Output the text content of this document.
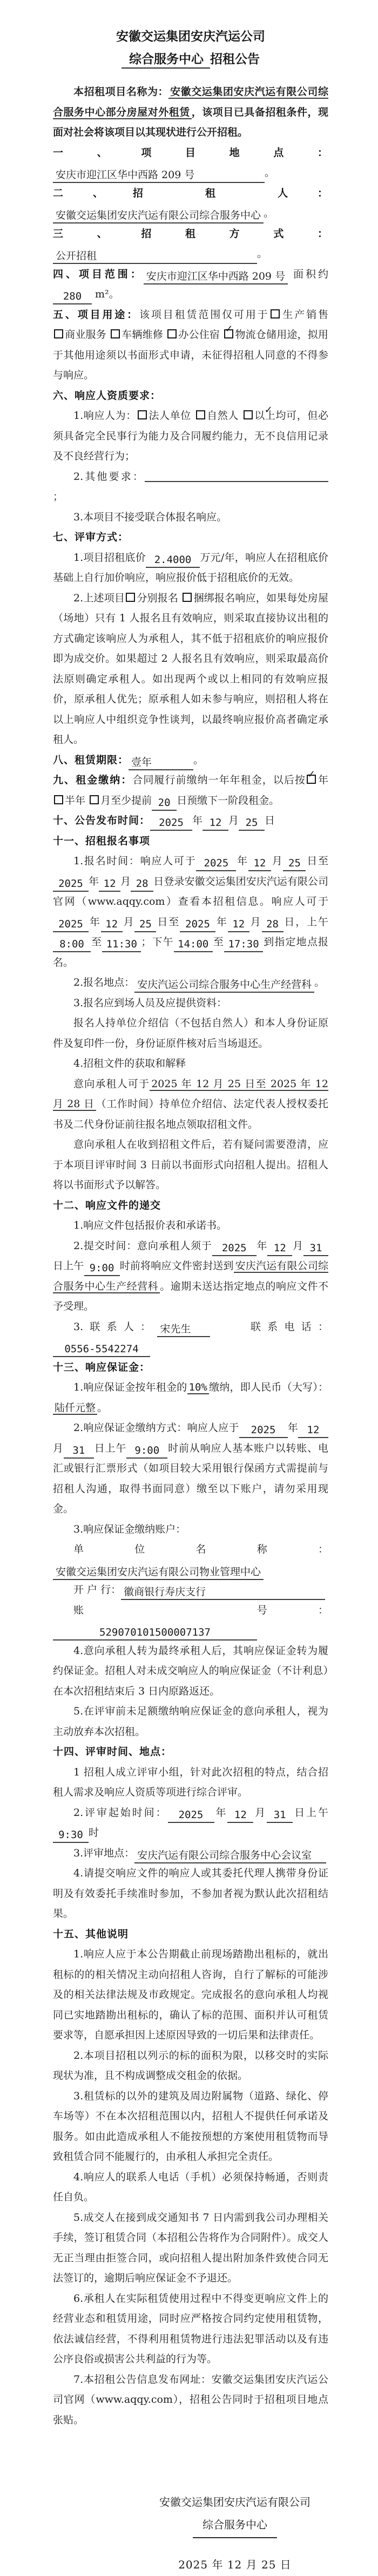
安徽交运集团安庆汽运公司

综合服务中心 招租公告

本招租项目名称为： 安徽交运集团安庆汽运有限公司综合服务中心部分房屋对外租赁 ，该项目已具备招租条件，现面对社会将该项目以其现状进行公开招租。

一、项目地点：安庆市迎江区华中西路 209 号	。

二、招 租 人：安徽交运集团安庆汽运有限公司综合服务中心 。

三、招租方式：公开招租	。

四、项目范围： 安庆市迎江区华中西路 209 号 面积约280 m²。

五、项目用途：该项目租赁范围仅可用于 生产销售 商业服务 车辆维修 办公住宿 ✓ 物流仓储用途，拟用于其他用途须以书面形式申请，未征得招租人同意的不得参与响应。

六、响应人资质要求：

1.响应人为： 法人单位 自然人 ✓ 以上均可，但必须具备完全民事行为能力及合同履约能力，无不良信用记录及不良经营行为；

2.其他要求：；

3.本项目不接受联合体报名响应。

七、评审方式：

1.项目招租底价 2.4000 万元/年，响应人在招租底价基础上自行加价响应，响应报价低于招租底价的无效。

2.上述项目 分别报名 捆绑报名响应，如果每处房屋（场地）只有 1 人报名且有效响应，则采取直接协议出租的方式确定该响应人为承租人，其不低于招租底价的响应报价即为成交价。如果超过 2 人报名且有效响应，则采取最高价法原则确定承租人。如出现两个或以上相同的有效响应报价，原承租人优先；原承租人如未参与响应，则招租人将在以上响应人中组织竞争性谈判，以最终响应报价高者确定承租人。

八、租赁期限： 壹年	。

九、租金缴纳：合同履行前缴纳一年年租金，以后按 ✓ 年 半年 月至少提前 20 日预缴下一阶段租金。

十、公告发布时间： 2025 年 12 月 25 日

十一、招租报名事项

1.报名时间：响应人可于 2025 年 12 月 25 日至2025 年 12 月 28 日登录安徽交运集团安庆汽运有限公司官网（www.aqqy.com）查看本招租信息。响应人可于2025 年 12 月 25 日至 2025 年 12 月 28 日，上午8:00 至 11:30 ；下午 14:00 至 17:30 到指定地点报名。

2.报名地点： 安庆汽运公司综合服务中心生产经营科 。

3.报名应到场人员及应提供资料：

报名人持单位介绍信（不包括自然人）和本人身份证原件及复印件一份，身份证原件核对后当场退还。

4.招租文件的获取和解释

意向承租人可于 2025 年 12 月 25 日至 2025 年 12 月 28 日 （工作时间）持单位介绍信、法定代表人授权委托书及二代身份证前往报名地点领取招租文件。

意向承租人在收到招租文件后，若有疑问需要澄清，应于本项目评审时间 3 日前以书面形式向招租人提出。招租人将以书面形式予以解答。

十二、响应文件的递交

1.响应文件包括报价表和承诺书。

2.提交时间：意向承租人须于 2025 年 12 月 31日上午 9:00 时前将响应文件密封送到 安庆汽运有限公司综合服务中心生产经营科 。逾期未送达指定地点的响应文件不予受理。

3.联系人： 宋先生　　联系电话：0556-5542274

十三、响应保证金：

1.响应保证金按年租金的 10% 缴纳，即人民币（大写）：陆仟元整 。

2.响应保证金缴纳方式：响应人应于 2025 年 12月 31 日上午 9:00 时前从响应人基本账户以转账、电汇或银行汇票形式（如项目较大采用银行保函方式需提前与招租人沟通，取得书面同意）缴至以下账户，请勿采用现金。

3.响应保证金缴纳账户：

单位名称：安徽交运集团安庆汽运有限公司物业管理中心

开 户 行： 徽商银行寿庆支行

账　　号：529070101500007137

4.意向承租人转为最终承租人后，其响应保证金转为履约保证金。招租人对未成交响应人的响应保证金（不计利息）在本次招租结束后 3 日内原路返还。

5.在评审前未足额缴纳响应保证金的意向承租人，视为主动放弃本次招租。

十四、评审时间、地点：

1 招租人成立评审小组，针对此次招租的特点，结合招租人需求及响应人资质等项进行综合评审。

2.评审起始时间： 2025 年 12 月 31 日上午9:30 时

3.评审地点： 安庆汽运有限公司综合服务中心会议室

4.请提交响应文件的响应人或其委托代理人携带身份证明及有效委托手续准时参加，不参加者视为默认此次招租结果。

十五、其他说明

1.响应人应于本公告期截止前现场踏勘出租标的，就出租标的的相关情况主动向招租人咨询，自行了解标的可能涉及的相关法律法规及市政规定。完成报名的意向承租人均视同已实地踏勘出租标的，确认了标的范围、面积并认可租赁要求等，自愿承担因上述原因导致的一切后果和法律责任。

2.本项目招租以列示的标的面积为限，以移交时的实际现状为准，且不构成调整成交租金的依据。

3.租赁标的以外的建筑及周边附属物（道路、绿化、停车场等）不在本次招租范围以内，招租人不提供任何承诺及服务。如由此造成承租人不能按预想的方案使用租赁物而导致租赁合同不能履行的，由承租人承担完全责任。

4.响应人的联系人电话（手机）必须保持畅通，否则责任自负。

5.成交人在接到成交通知书 7 日内需到我公司办理相关手续，签订租赁合同（本招租公告将作为合同附件）。成交人无正当理由拒签合同，或向招租人提出附加条件致使合同无法签订的，逾期后响应保证金不予退还。

6.承租人在实际租赁使用过程中不得变更响应文件上的经营业态和租赁用途，同时应严格按合同约定使用租赁物，依法诚信经营，不得利用租赁物进行违法犯罪活动以及有违公序良俗或损害公共利益的行为等。

7.本招租公告信息发布网址：安徽交运集团安庆汽运公司官网（www.aqqy.com），招租公告同时于招租项目地点张贴。

安徽交运集团安庆汽运有限公司
综合服务中心
2025 年 12 月 25 日
